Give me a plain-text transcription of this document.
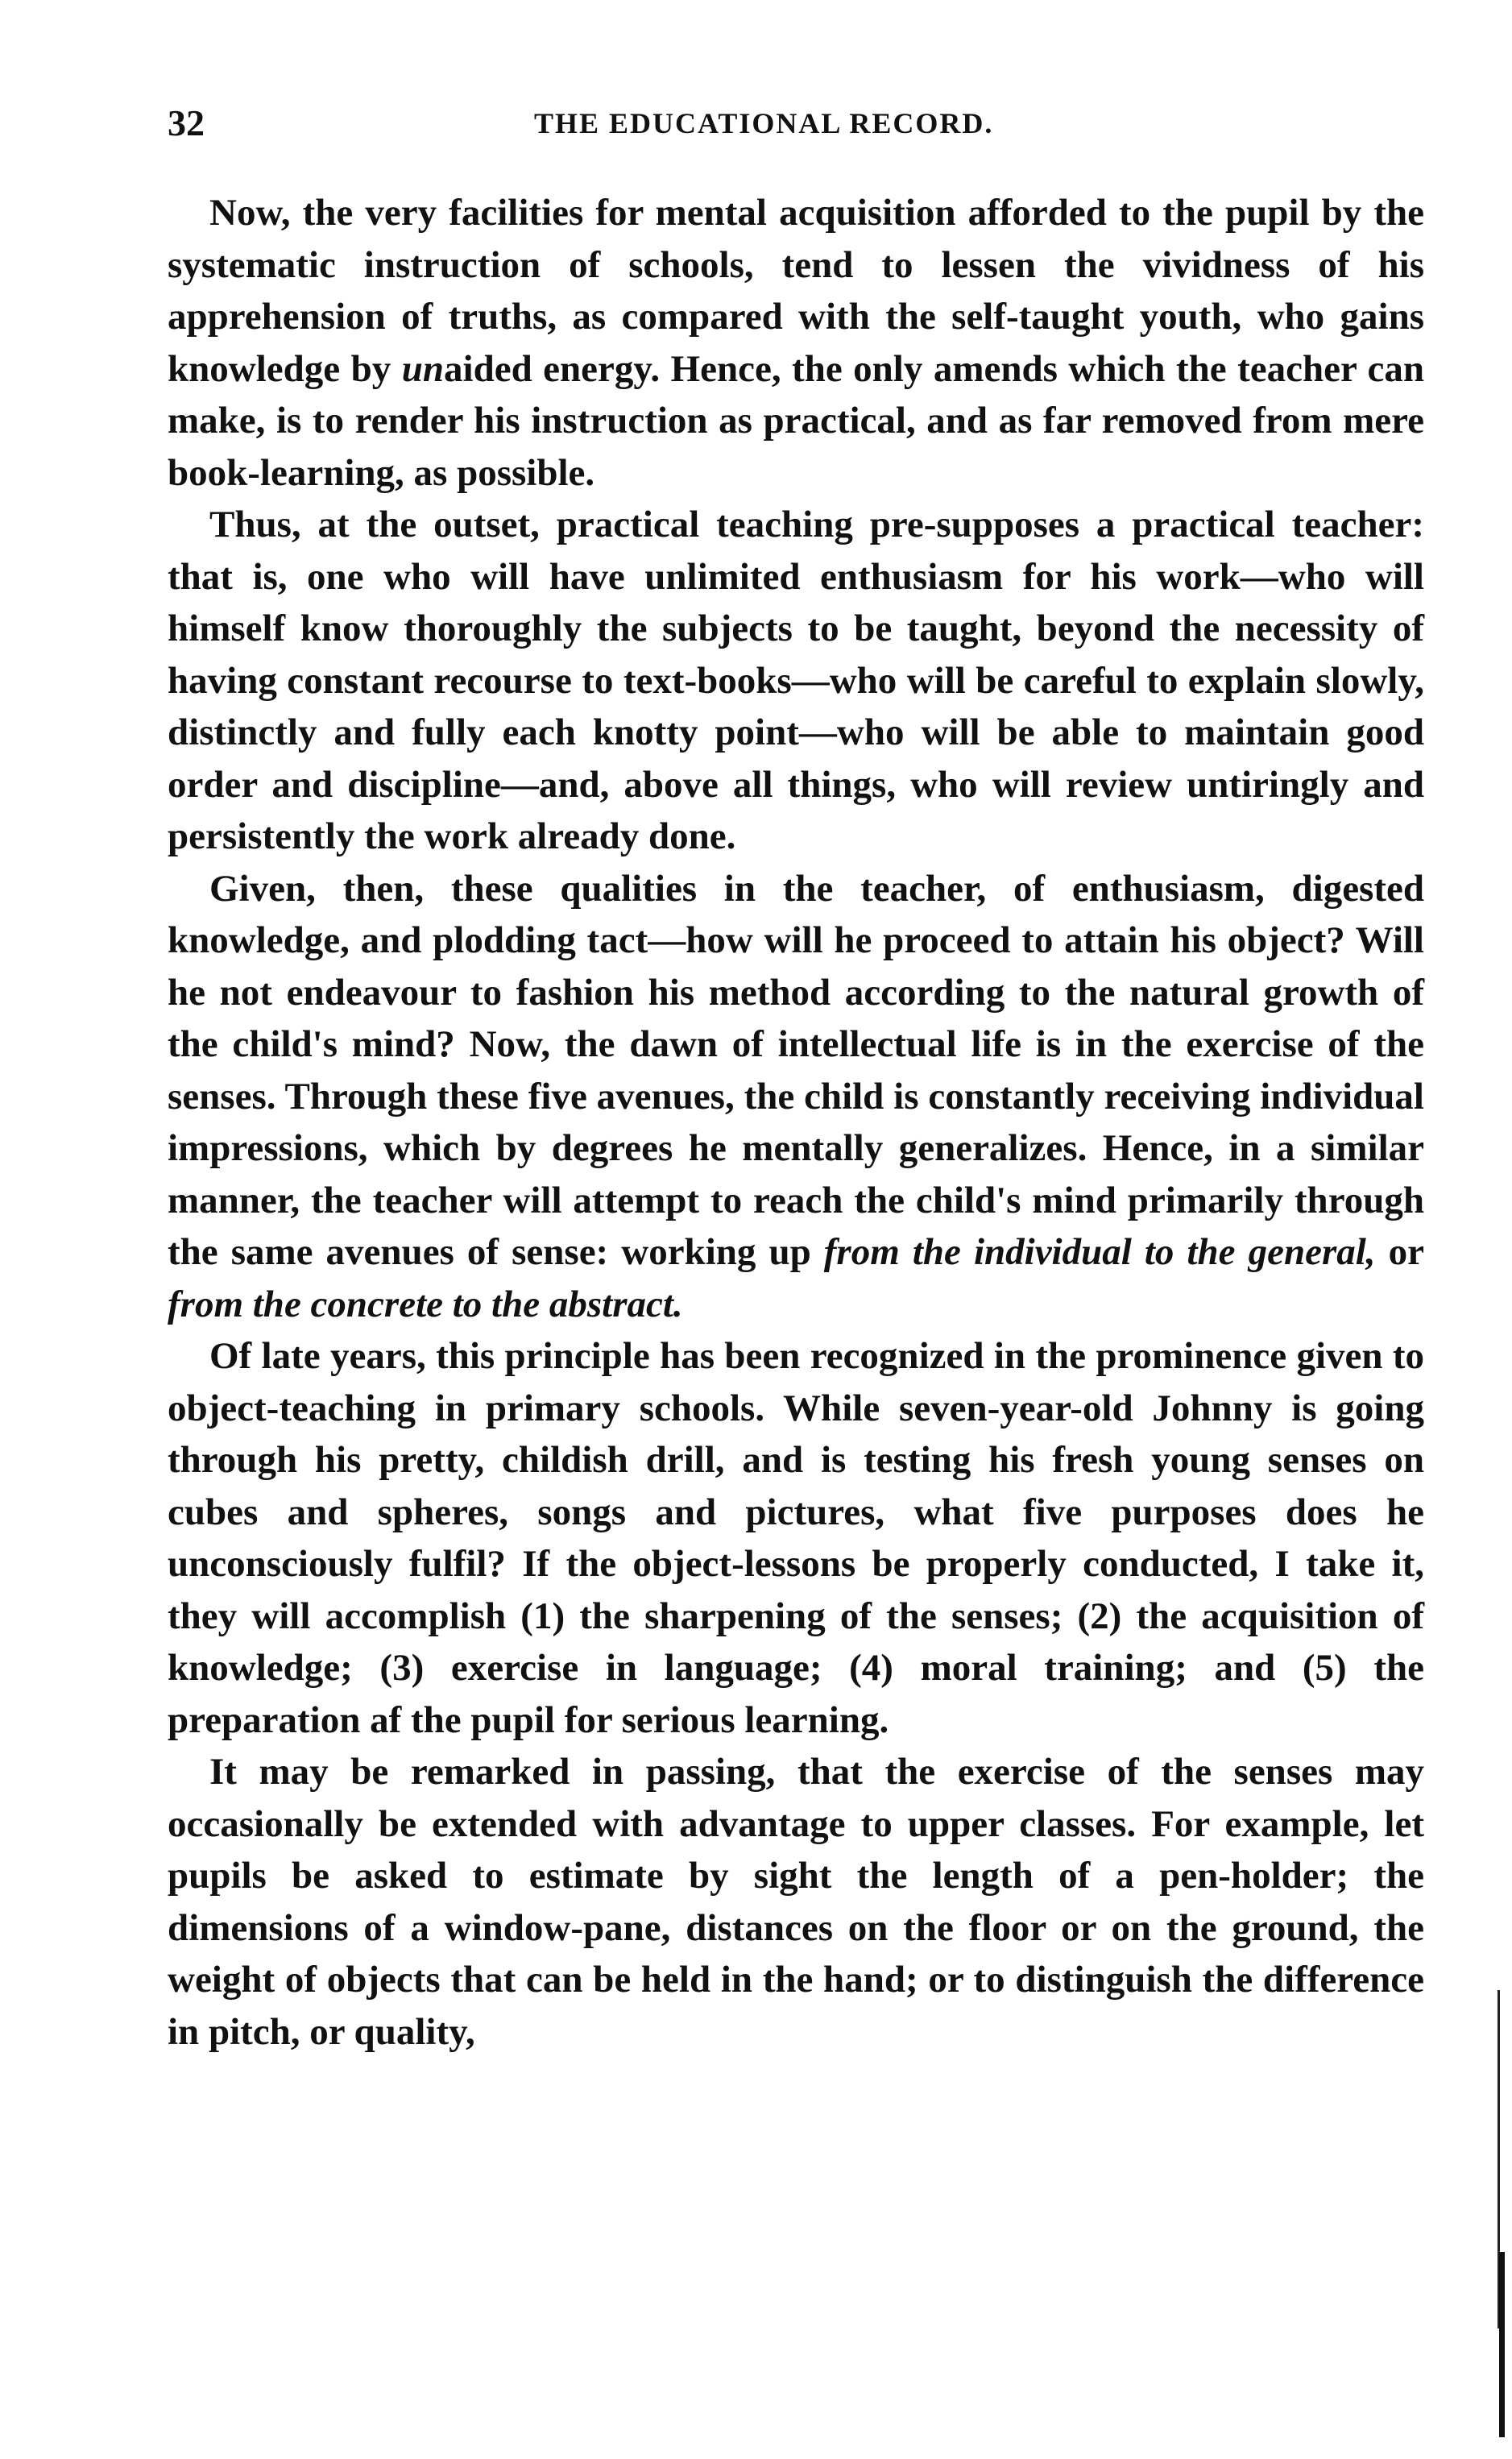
32	THE EDUCATIONAL RECORD.

Now, the very facilities for mental acquisition afforded to the pupil by the systematic instruction of schools, tend to lessen the vividness of his apprehension of truths, as compared with the self-taught youth, who gains knowledge by unaided energy. Hence, the only amends which the teacher can make, is to render his instruction as practical, and as far removed from mere book-learning, as possible.

Thus, at the outset, practical teaching pre-supposes a practical teacher: that is, one who will have unlimited enthusiasm for his work—who will himself know thoroughly the subjects to be taught, beyond the necessity of having constant recourse to text-books—who will be careful to explain slowly, distinctly and fully each knotty point—who will be able to maintain good order and discipline—and, above all things, who will review untiringly and persistently the work already done.

Given, then, these qualities in the teacher, of enthusiasm, digested knowledge, and plodding tact—how will he proceed to attain his object? Will he not endeavour to fashion his method according to the natural growth of the child's mind? Now, the dawn of intellectual life is in the exercise of the senses. Through these five avenues, the child is constantly receiving individual impressions, which by degrees he mentally generalizes. Hence, in a similar manner, the teacher will attempt to reach the child's mind primarily through the same avenues of sense: working up from the individual to the general, or from the concrete to the abstract.

Of late years, this principle has been recognized in the prominence given to object-teaching in primary schools. While seven-year-old Johnny is going through his pretty, childish drill, and is testing his fresh young senses on cubes and spheres, songs and pictures, what five purposes does he unconsciously fulfil? If the object-lessons be properly conducted, I take it, they will accomplish (1) the sharpening of the senses; (2) the acquisition of knowledge; (3) exercise in language; (4) moral training; and (5) the preparation af the pupil for serious learning.

It may be remarked in passing, that the exercise of the senses may occasionally be extended with advantage to upper classes. For example, let pupils be asked to estimate by sight the length of a pen-holder; the dimensions of a window-pane, distances on the floor or on the ground, the weight of objects that can be held in the hand; or to distinguish the difference in pitch, or quality,
